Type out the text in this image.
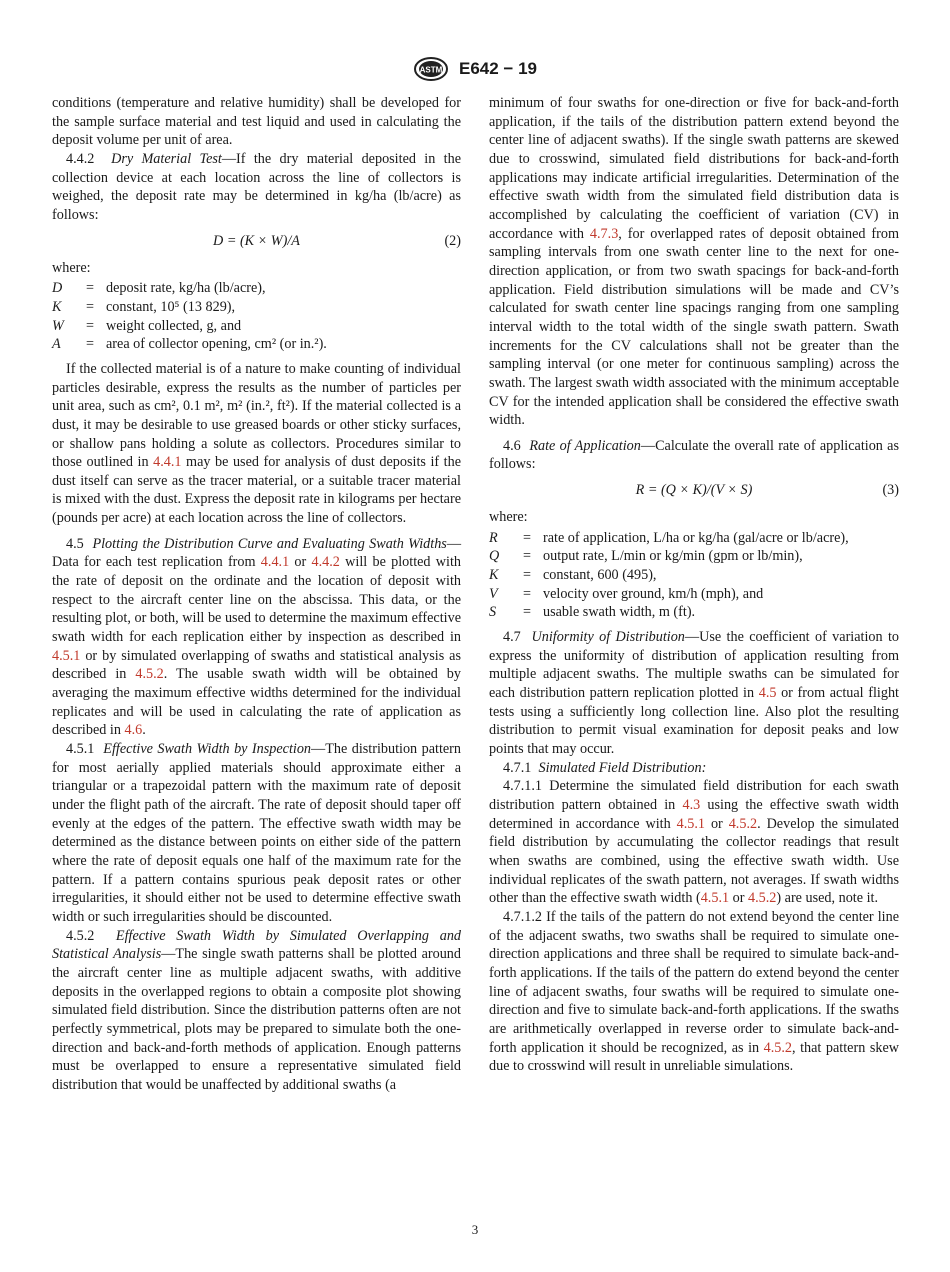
ASTM E642 − 19

conditions (temperature and relative humidity) shall be developed for the sample surface material and test liquid and used in calculating the deposit volume per unit of area.

4.4.2 Dry Material Test—If the dry material deposited in the collection device at each location across the line of collectors is weighed, the deposit rate may be determined in kg/ha (lb/acre) as follows:

D = (K × W)/A	(2)

where:

D	=	deposit rate, kg/ha (lb/acre),
K	=	constant, 10⁵ (13 829),
W	=	weight collected, g, and
A	=	area of collector opening, cm² (or in.²).

If the collected material is of a nature to make counting of individual particles desirable, express the results as the number of particles per unit area, such as cm², 0.1 m², m² (in.², ft²). If the material collected is a dust, it may be desirable to use greased boards or other sticky surfaces, or shallow pans holding a solute as collectors. Procedures similar to those outlined in 4.4.1 may be used for analysis of dust deposits if the dust itself can serve as the tracer material, or a suitable tracer material is mixed with the dust. Express the deposit rate in kilograms per hectare (pounds per acre) at each location across the line of collectors.

4.5 Plotting the Distribution Curve and Evaluating Swath Widths—Data for each test replication from 4.4.1 or 4.4.2 will be plotted with the rate of deposit on the ordinate and the location of deposit with respect to the aircraft center line on the abscissa. This data, or the resulting plot, or both, will be used to determine the maximum effective swath width for each replication either by inspection as described in 4.5.1 or by simulated overlapping of swaths and statistical analysis as described in 4.5.2. The usable swath width will be obtained by averaging the maximum effective widths determined for the individual replicates and will be used in calculating the rate of application as described in 4.6.

4.5.1 Effective Swath Width by Inspection—The distribution pattern for most aerially applied materials should approximate either a triangular or a trapezoidal pattern with the maximum rate of deposit under the flight path of the aircraft. The rate of deposit should taper off evenly at the edges of the pattern. The effective swath width may be determined as the distance between points on either side of the pattern where the rate of deposit equals one half of the maximum rate for the pattern. If a pattern contains spurious peak deposit rates or other irregularities, it should either not be used to determine effective swath width or such irregularities should be discounted.

4.5.2 Effective Swath Width by Simulated Overlapping and Statistical Analysis—The single swath patterns shall be plotted around the aircraft center line as multiple adjacent swaths, with additive deposits in the overlapped regions to obtain a composite plot showing simulated field distribution. Since the distribution patterns often are not perfectly symmetrical, plots may be prepared to simulate both the one-direction and back-and-forth methods of application. Enough patterns must be overlapped to ensure a representative simulated field distribution that would be unaffected by additional swaths (a

minimum of four swaths for one-direction or five for back-and-forth application, if the tails of the distribution pattern extend beyond the center line of adjacent swaths). If the single swath patterns are skewed due to crosswind, simulated field distributions for back-and-forth applications may indicate artificial irregularities. Determination of the effective swath width from the simulated field distribution data is accomplished by calculating the coefficient of variation (CV) in accordance with 4.7.3, for overlapped rates of deposit obtained from sampling intervals from one swath center line to the next for one-direction application, or from two swath spacings for back-and-forth application. Field distribution simulations will be made and CV’s calculated for swath center line spacings ranging from one sampling interval width to the total width of the single swath pattern. Swath increments for the CV calculations shall not be greater than the sampling interval (or one meter for continuous sampling) across the swath. The largest swath width associated with the minimum acceptable CV for the intended application shall be considered the effective swath width.

4.6 Rate of Application—Calculate the overall rate of application as follows:

R = (Q × K)/(V × S)	(3)

where:

R	=	rate of application, L/ha or kg/ha (gal/acre or lb/acre),
Q	=	output rate, L/min or kg/min (gpm or lb/min),
K	=	constant, 600 (495),
V	=	velocity over ground, km/h (mph), and
S	=	usable swath width, m (ft).

4.7 Uniformity of Distribution—Use the coefficient of variation to express the uniformity of distribution of application resulting from multiple adjacent swaths. The multiple swaths can be simulated for each distribution pattern replication plotted in 4.5 or from actual flight tests using a sufficiently long collection line. Also plot the resulting distribution to permit visual examination for deposit peaks and low points that may occur.

4.7.1 Simulated Field Distribution:

4.7.1.1 Determine the simulated field distribution for each swath distribution pattern obtained in 4.3 using the effective swath width determined in accordance with 4.5.1 or 4.5.2. Develop the simulated field distribution by accumulating the collector readings that result when swaths are combined, using the effective swath width. Use individual replicates of the swath pattern, not averages. If swath widths other than the effective swath width (4.5.1 or 4.5.2) are used, note it.

4.7.1.2 If the tails of the pattern do not extend beyond the center line of the adjacent swaths, two swaths shall be required to simulate one-direction applications and three shall be required to simulate back-and-forth applications. If the tails of the pattern do extend beyond the center line of adjacent swaths, four swaths will be required to simulate one-direction and five to simulate back-and-forth applications. If the swaths are arithmetically overlapped in reverse order to simulate back-and-forth application it should be recognized, as in 4.5.2, that pattern skew due to crosswind will result in unreliable simulations.

3
